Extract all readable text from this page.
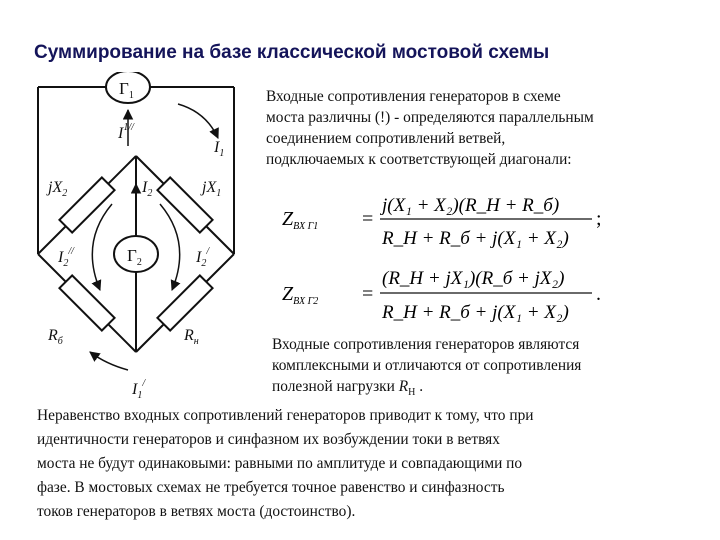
Суммирование на базе классической мостовой схемы
$Г_1$
$Г_2$
$I^{1//}$
$I_1$
$I_2$
$jX_2$	$jX_1$
$I_2^{//}$	$I_2^/$
$R_б$	$R_н$
$I_1^/$
Входные сопротивления генераторов в схеме
моста различны (!) - определяются параллельным
соединением сопротивлений ветвей,
подключаемых к соответствующей диагонали:
$Z_{ВХ Г1}$ =
j(X₁ + X₂)(R_Н + R_б)
R_Н + R_б + j(X₁ + X₂)
;
$Z_{ВХ Г2}$ =
(R_Н + jX₁)(R_б + jX₂)
R_Н + R_б + j(X₁ + X₂)
.
Входные сопротивления генераторов являются
комплексными и отличаются от сопротивления
полезной нагрузки $R_Н$ .
Неравенство входных сопротивлений генераторов приводит к тому, что при
идентичности генераторов и синфазном их возбуждении токи в ветвях
моста не будут одинаковыми: равными по амплитуде и совпадающими по
фазе. В мостовых схемах не требуется точное равенство и синфазность
токов генераторов в ветвях моста (достоинство).
